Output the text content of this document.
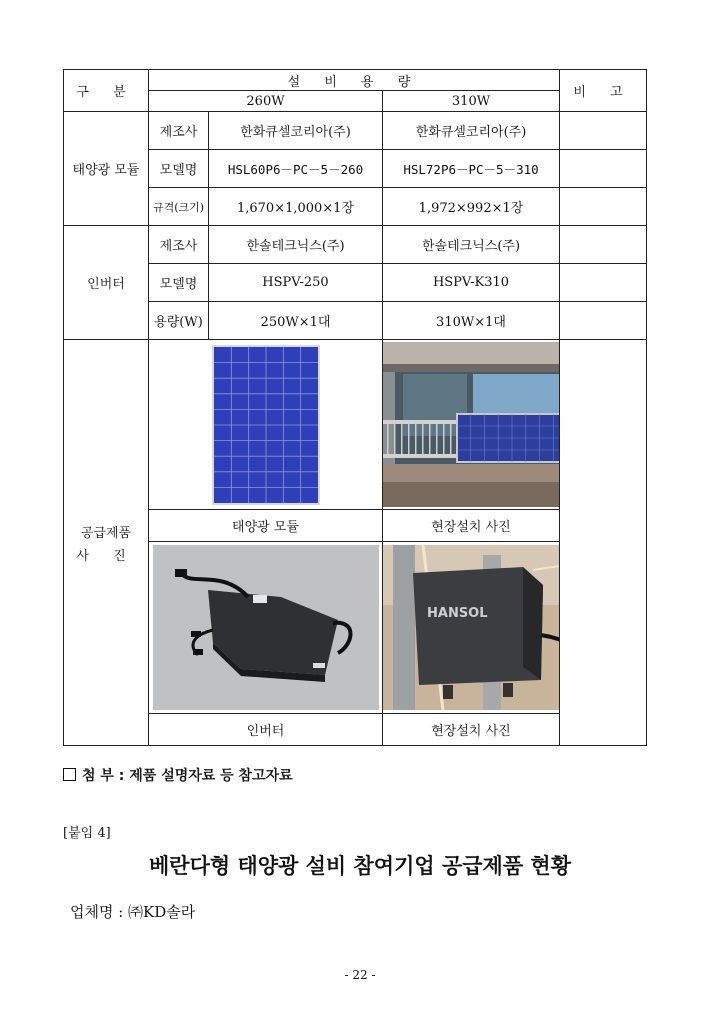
구 분	설 비 용 량			비 고
	260W		310W	
태양광 모듈	제조사	한화큐셀코리아(주)	한화큐셀코리아(주)	
	모델명	HSL60P6－PC－5－260	HSL72P6－PC－5－310	
	규격(크기)	1,670×1,000×1장	1,972×992×1장	
인버터	제조사	한솔테크닉스(주)	한솔테크닉스(주)	
	모델명	HSPV-250	HSPV-K310	
	용량(W)	250W×1대	310W×1대	

공급제품
사 진

	태양광 모듈		현장설치 사진	

HANSOL	

	인버터		현장설치 사진	
첨 부 : 제품 설명자료 등 참고자료
[붙임 4]
베란다형 태양광 설비 참여기업 공급제품 현황
업체명 : ㈜KD솔라
- 22 -
